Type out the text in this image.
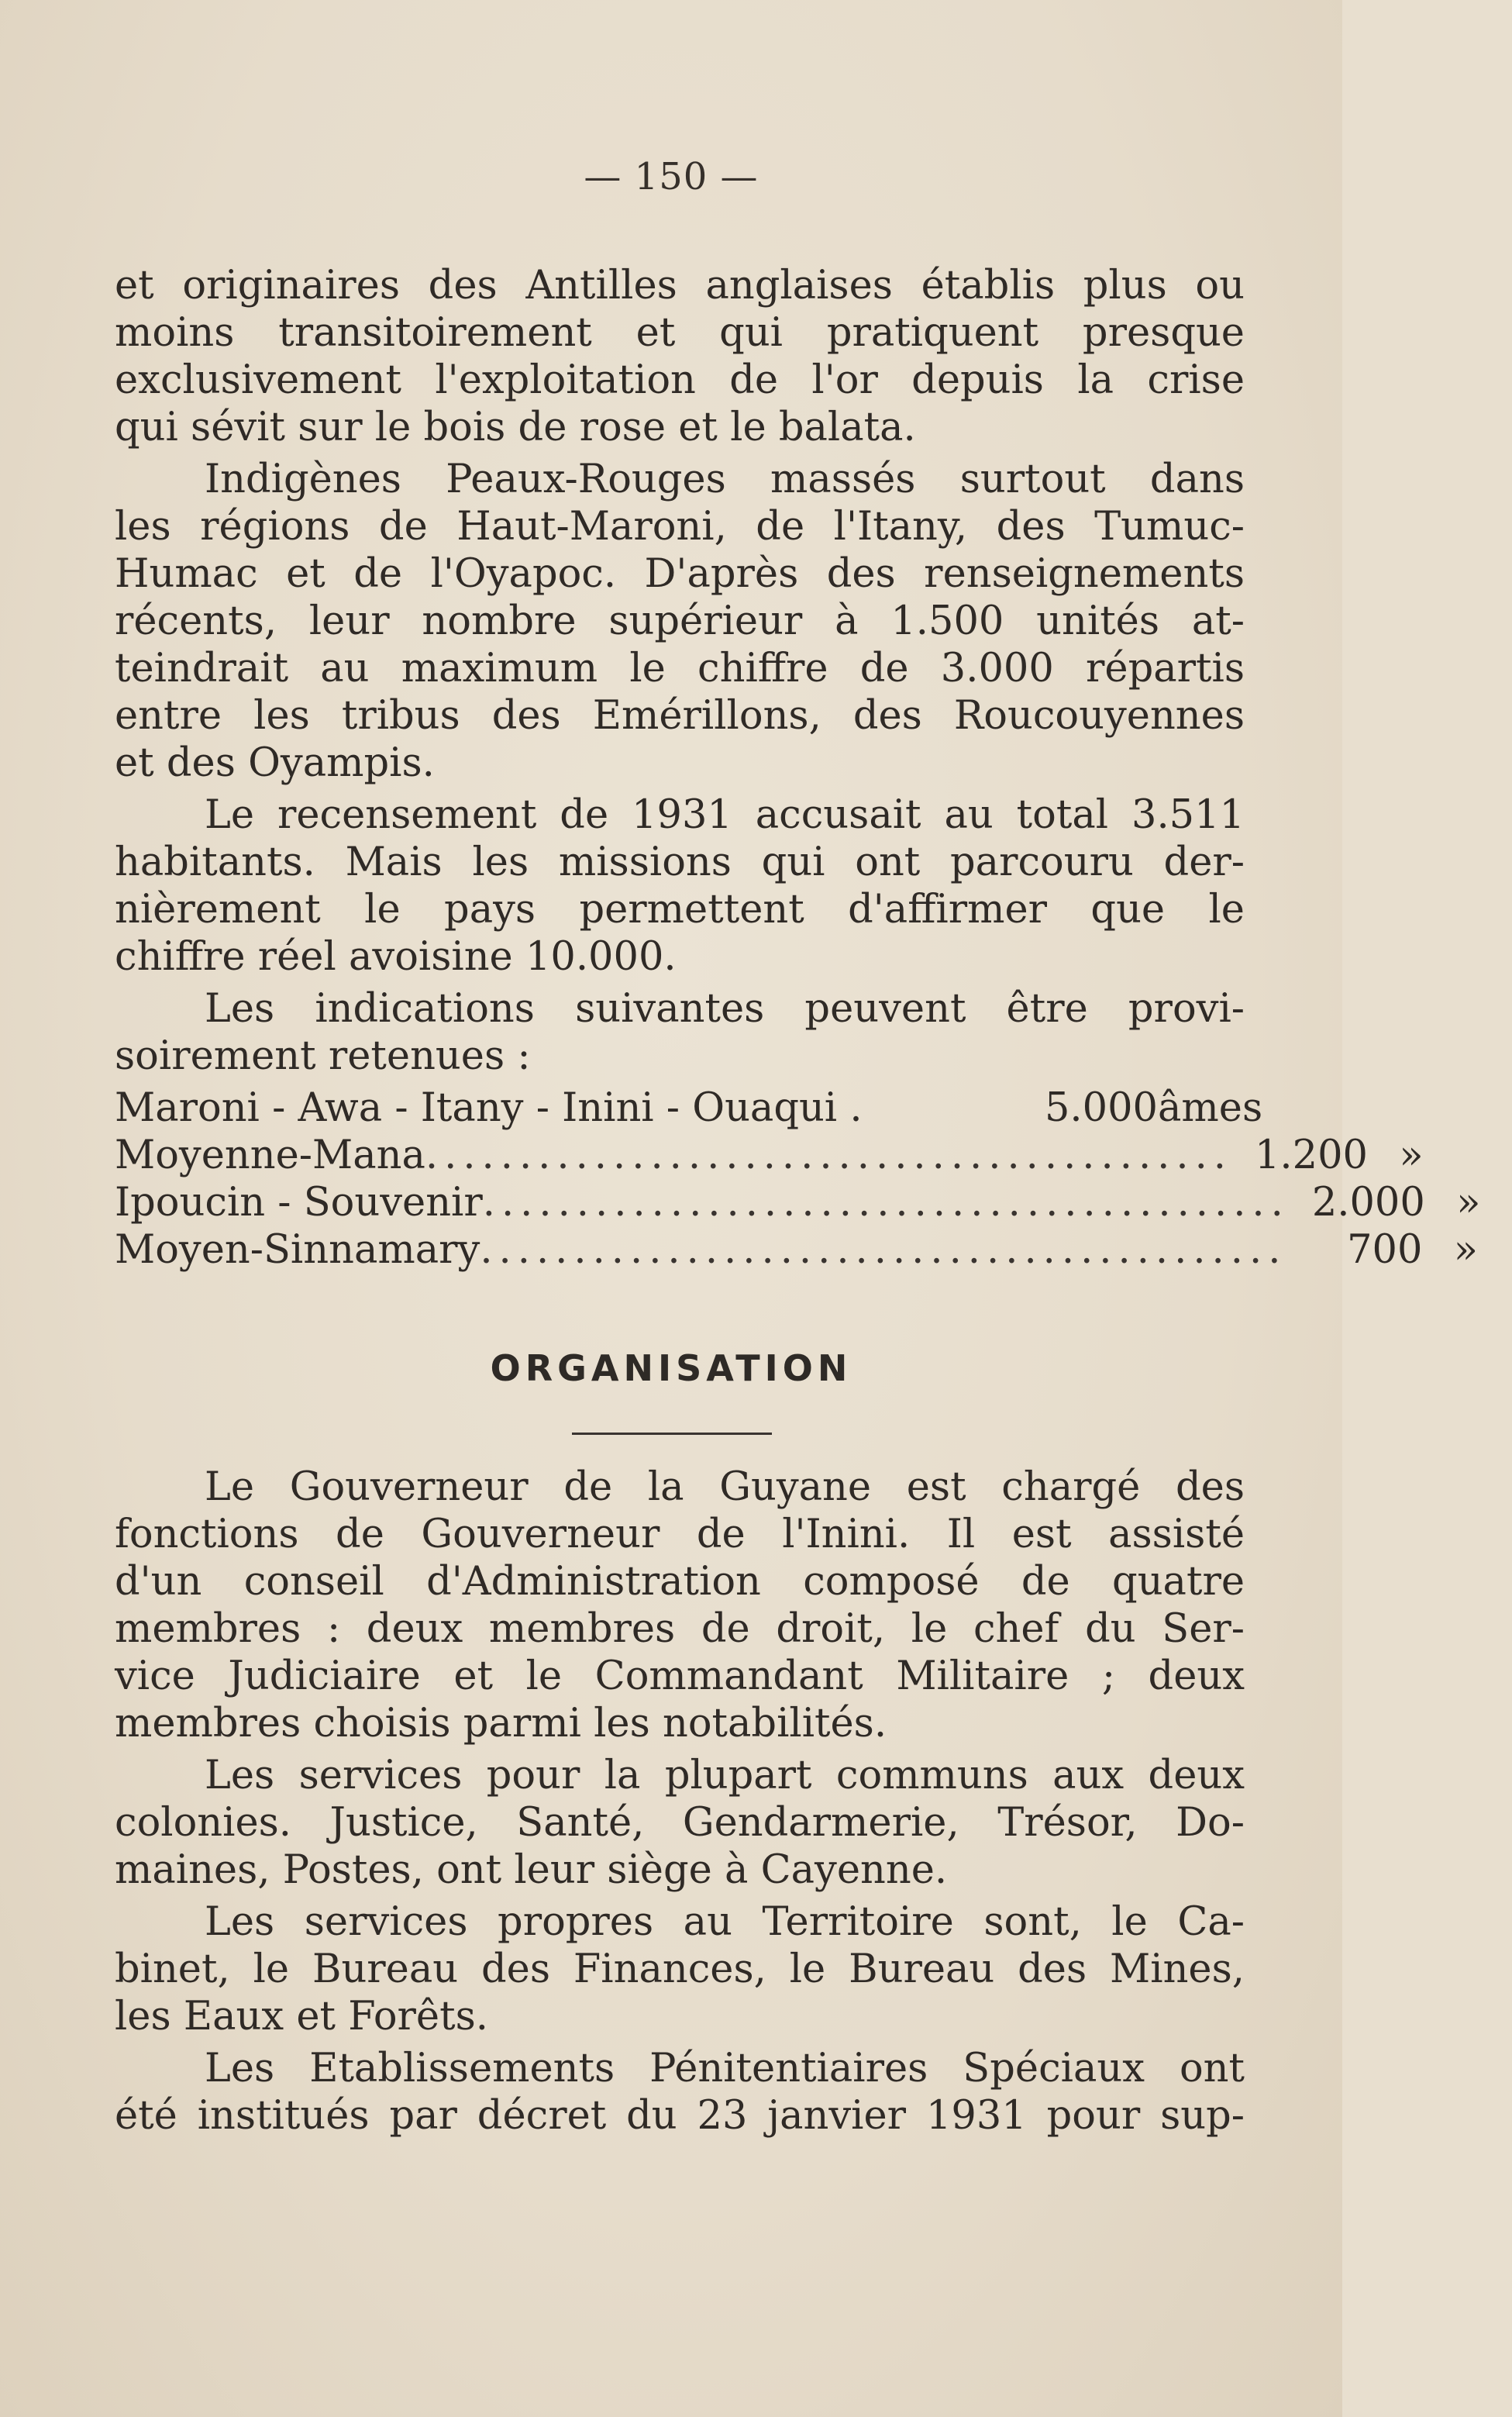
— 150 —

et originaires des Antilles anglaises établis plus ou
moins transitoirement et qui pratiquent presque
exclusivement l'exploitation de l'or depuis la crise
qui sévit sur le bois de rose et le balata.

Indigènes Peaux-Rouges massés surtout dans
les régions de Haut-Maroni, de l'Itany, des Tumuc-
Humac et de l'Oyapoc. D'après des renseignements
récents, leur nombre supérieur à 1.500 unités at-
teindrait au maximum le chiffre de 3.000 répartis
entre les tribus des Emérillons, des Roucouyennes
et des Oyampis.

Le recensement de 1931 accusait au total 3.511
habitants. Mais les missions qui ont parcouru der-
nièrement le pays permettent d'affirmer que le
chiffre réel avoisine 10.000.

Les indications suivantes peuvent être provi-
soirement retenues :

Maroni - Awa - Itany - Inini - Ouaqui .	5.000 âmes
Moyenne-Mana ........................................... 1.200 »
Ipoucin - Souvenir ........................................... 2.000 »
Moyen-Sinnamary ...........................................	700 »
ORGANISATION

Le Gouverneur de la Guyane est chargé des
fonctions de Gouverneur de l'Inini. Il est assisté
d'un conseil d'Administration composé de quatre
membres : deux membres de droit, le chef du Ser-
vice Judiciaire et le Commandant Militaire ; deux
membres choisis parmi les notabilités.

Les services pour la plupart communs aux deux
colonies. Justice, Santé, Gendarmerie, Trésor, Do-
maines, Postes, ont leur siège à Cayenne.

Les services propres au Territoire sont, le Ca-
binet, le Bureau des Finances, le Bureau des Mines,
les Eaux et Forêts.

Les Etablissements Pénitentiaires Spéciaux ont
été institués par décret du 23 janvier 1931 pour sup-
